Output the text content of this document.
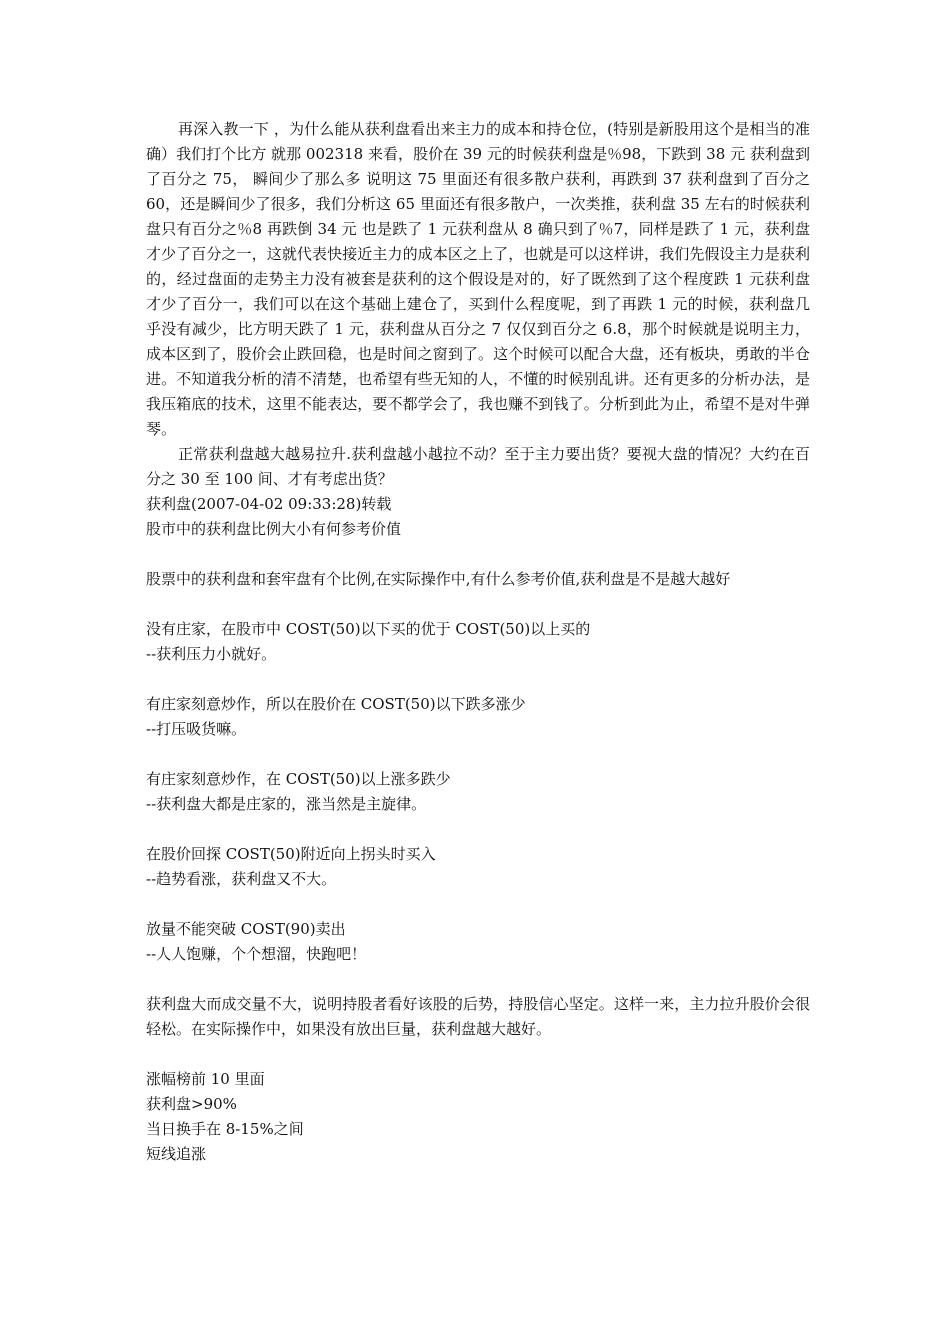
再深入教一下 ，为什么能从获利盘看出来主力的成本和持仓位，(特别是新股用这个是相当的准确）我们打个比方 就那 002318 来看，股价在 39 元的时候获利盘是％98，下跌到 38 元 获利盘到了百分之 75， 瞬间少了那么多 说明这 75 里面还有很多散户获利，再跌到 37 获利盘到了百分之 60，还是瞬间少了很多，我们分析这 65 里面还有很多散户，一次类推，获利盘 35 左右的时候获利盘只有百分之％8 再跌倒 34 元 也是跌了 1 元获利盘从 8 确只到了％7，同样是跌了 1 元，获利盘才少了百分之一，这就代表快接近主力的成本区之上了，也就是可以这样讲，我们先假设主力是获利的，经过盘面的走势主力没有被套是获利的这个假设是对的，好了既然到了这个程度跌 1 元获利盘才少了百分一，我们可以在这个基础上建仓了，买到什么程度呢，到了再跌 1 元的时候，获利盘几乎没有减少，比方明天跌了 1 元，获利盘从百分之 7 仅仅到百分之 6.8，那个时候就是说明主力，成本区到了，股价会止跌回稳，也是时间之窗到了。这个时候可以配合大盘，还有板块，勇敢的半仓进。不知道我分析的清不清楚，也希望有些无知的人，不懂的时候别乱讲。还有更多的分析办法，是我压箱底的技术，这里不能表达，要不都学会了，我也赚不到钱了。分析到此为止，希望不是对牛弹琴。

正常获利盘越大越易拉升.获利盘越小越拉不动？至于主力要出货？要视大盘的情况？大约在百分之 30 至 100 间、才有考虑出货？

获利盘(2007-04-02 09:33:28)转载

股市中的获利盘比例大小有何参考价值

股票中的获利盘和套牢盘有个比例,在实际操作中,有什么参考价值,获利盘是不是越大越好

没有庄家，在股市中 COST(50)以下买的优于 COST(50)以上买的

--获利压力小就好。

有庄家刻意炒作，所以在股价在 COST(50)以下跌多涨少

--打压吸货嘛。

有庄家刻意炒作，在 COST(50)以上涨多跌少

--获利盘大都是庄家的，涨当然是主旋律。

在股价回探 COST(50)附近向上拐头时买入

--趋势看涨，获利盘又不大。

放量不能突破 COST(90)卖出

--人人饱赚，个个想溜，快跑吧！

获利盘大而成交量不大，说明持股者看好该股的后势，持股信心坚定。这样一来，主力拉升股价会很轻松。在实际操作中，如果没有放出巨量，获利盘越大越好。

涨幅榜前 10 里面

获利盘>90%

当日换手在 8-15%之间

短线追涨
